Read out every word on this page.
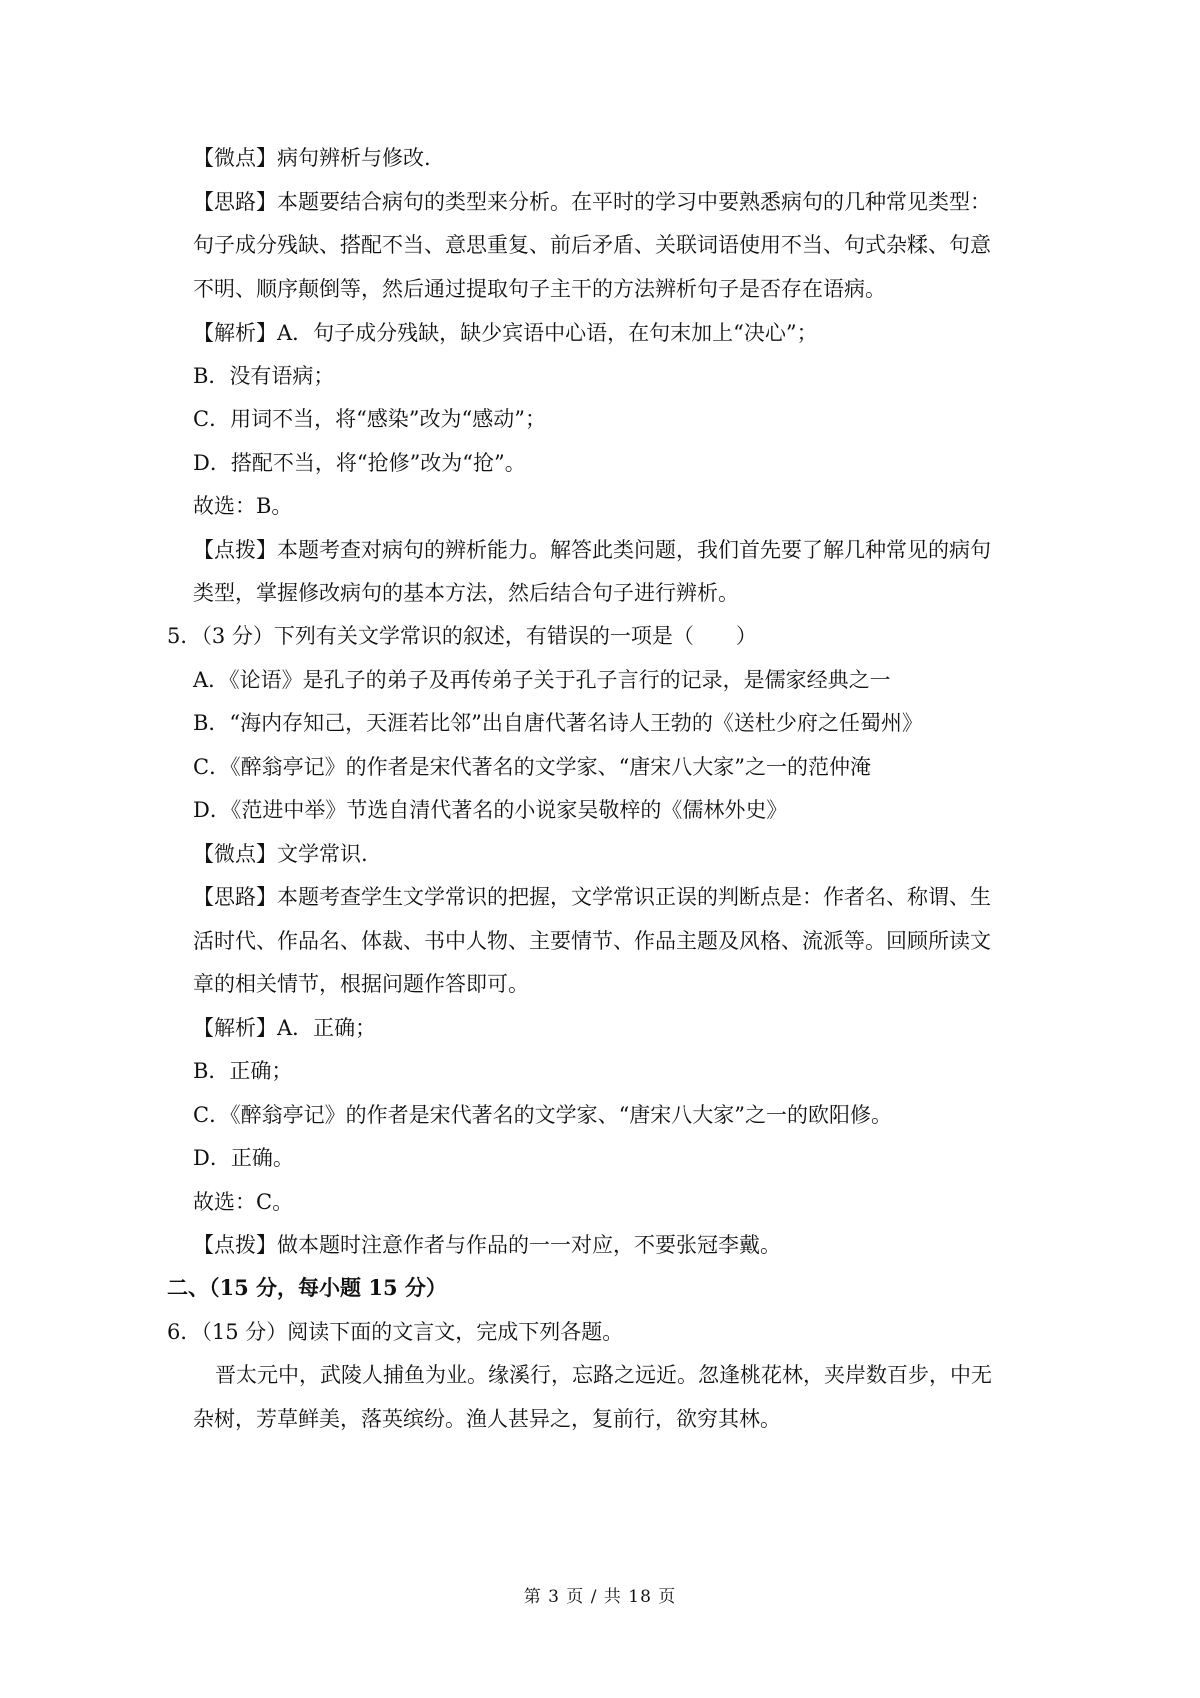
【微点】病句辨析与修改.
【思路】本题要结合病句的类型来分析。在平时的学习中要熟悉病句的几种常见类型：
句子成分残缺、搭配不当、意思重复、前后矛盾、关联词语使用不当、句式杂糅、句意
不明、顺序颠倒等，然后通过提取句子主干的方法辨析句子是否存在语病。
【解析】A．句子成分残缺，缺少宾语中心语，在句末加上“决心”；
B．没有语病；
C．用词不当，将“感染”改为“感动”；
D．搭配不当，将“抢修”改为“抢”。
故选：B。
【点拨】本题考查对病句的辨析能力。解答此类问题，我们首先要了解几种常见的病句
类型，掌握修改病句的基本方法，然后结合句子进行辨析。
5．（3 分）下列有关文学常识的叙述，有错误的一项是（　　）
A．《论语》是孔子的弟子及再传弟子关于孔子言行的记录，是儒家经典之一
B．“海内存知己，天涯若比邻”出自唐代著名诗人王勃的《送杜少府之任蜀州》
C．《醉翁亭记》的作者是宋代著名的文学家、“唐宋八大家”之一的范仲淹
D．《范进中举》节选自清代著名的小说家吴敬梓的《儒林外史》
【微点】文学常识.
【思路】本题考查学生文学常识的把握，文学常识正误的判断点是：作者名、称谓、生
活时代、作品名、体裁、书中人物、主要情节、作品主题及风格、流派等。回顾所读文
章的相关情节，根据问题作答即可。
【解析】A．正确；
B．正确；
C．《醉翁亭记》的作者是宋代著名的文学家、“唐宋八大家”之一的欧阳修。
D．正确。
故选：C。
【点拨】做本题时注意作者与作品的一一对应，不要张冠李戴。
二、（15 分，每小题 15 分）
6．（15 分）阅读下面的文言文，完成下列各题。
晋太元中，武陵人捕鱼为业。缘溪行，忘路之远近。忽逢桃花林，夹岸数百步，中无
杂树，芳草鲜美，落英缤纷。渔人甚异之，复前行，欲穷其林。
第 3 页 / 共 18 页
